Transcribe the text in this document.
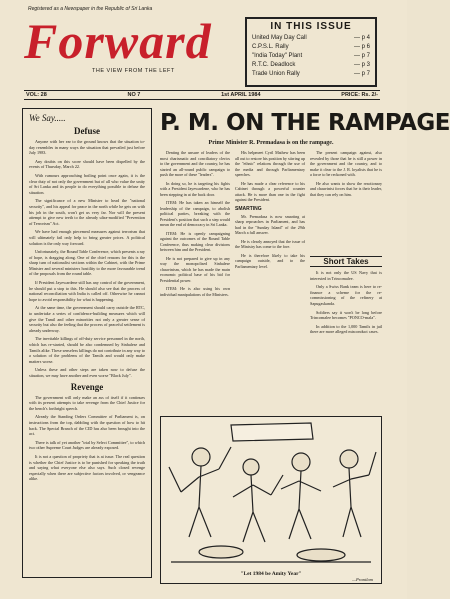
Registered as a Newspaper in the Republic of Sri Lanka
Forward
THE VIEW FROM THE LEFT
IN THIS ISSUE
United May Day Call	— p 4
C.P.S.L. Rally	— p 6
"India Today" Plant	— p 7
R.T.C. Deadlock	— p 3
Trade Union Rally	— p 7
VOL: 28	NO 7	1st APRIL 1984	PRICE: Rs. 2/-
We Say.....
Defuse

Anyone with her ear to the ground knows that the situation to-day resembles in many ways the situation that prevailed just before July 1983.

Any doubts on this score should have been dispelled by the events of Thursday, March 22.

With rumours approaching boiling point once again, it is the clear duty of not only the government but of all who value the unity of Sri Lanka and its people to do everything possible to defuse the situation.

The significance of a new Minister to head the "national security", and his appeal for peace in the north while he gets on with his job in the south, won't get us very far. Nor will the present attempt to give new teeth to the already ultra-modified "Prevention of Terrorism" Act.

We have had enough piecemeal measures against terrorism that will ultimately fail only help to bring greater prices. A political solution is the only way forward.

Unfortunately, the Round Table Conference, which presents a ray of hope, is dragging along. One of the chief reasons for this is the sharp turn of nationalist sections within the Cabinet, with the Prime Minister and several ministers hostility to the more favourable trend of the proposals from the round table.

If President Jayewardene still has any control of the government, he should put a stop to this. He should also see that the process of national reconciliation with India is called off. Otherwise he cannot hope to avoid responsibility for what is happening.

At the same time, the government should carry outside the RTC, to undertake a series of confidence-building measures which will give the Tamil and other minorities not only a greater sense of security but also the feeling that the process of peaceful settlement is already underway.

The inevitable killings of off-duty service personnel in the north, which has re-started, should be also condemned by Sinhalese and Tamils alike. These senseless killings do not contribute in any way to a solution of the problems of the Tamils and would only make matters worse.

Unless these and other steps are taken now to defuse the situation, we may have another and even worse "Black July".

Revenge

The government will only make an ass of itself if it continues with its present attempts to take revenge from the Chief Justice for the bench's forthright speech.

Already the Standing Orders Committee of Parliament is, on instructions from the top, dabbling with the question of how to hit back. The Special Branch of the CID has also been brought into the act.

There is talk of yet another "trial by Select Committee", to which two other Supreme Court Judges are already exposed.

It is not a question of propriety that is at issue. The real question is whether the Chief Justice is to be punished for speaking the truth and saying what everyone else also says. Such closed revenge especially when there are subjective factors involved, or vengeance alike.

P. M. ON THE RAMPAGE
Prime Minister R. Premadasa is on the rampage.

Denting the unsure of leaders of the most charismatic and conciliatory clerics to the government and the country, he has started an all-round public campaign to push the more of these "leaders".

In doing so, he is targeting his fights with a President Jayewardene, who he has been stepping in at the back door.

ITEM: He has taken an himself the leadership of the campaign, to abolish political parties, breaking with the President's position that such a step would mean the end of democracy in Sri Lanka.

ITEM: He is openly campaigning against the outcomes of the Round Table Conference, thus making clear divisions between him and the President.

He is not prepared to give up in any way the monopolised Sinhalese chauvinism, which he has made the main economic political base of his bid for Presidential power.

ITEM: He is also using his own individual manipulations of the Ministers.

His helpmeet Cyril Mathew has been all out to restore his position by stirring up the "ethnic" relations through the use of the media and through Parliamentary speeches.

He has made a clear reference to his Cabinet through a powerful counter attack. He is more than one in the fight against the President.

SMARTING

Mr. Premadasa is now smarting at sharp reproaches in Parliament, and has had in the "Sunday Island" of the 29th March a full answer.

He is clearly annoyed that the issue of the Ministry has come to the fore.

He is therefore likely to take his campaign outside, and to the Parliamentary level.

The present campaign against, also revealed by those that he is still a power in the government and the country, and to make it clear to the J. R. loyalists that he is a force to be reckoned with.

He also wants to show the reactionary and chauvinist forces that he is their leader, that they can rely on him.

Short Takes

It is not only the US Navy that is interested in Trincomalee.

Only a Swiss Bank team is here to re-finance a scheme for the re-commissioning of the refinery at Sapugaskanda.

Soldiers say it won't be long before Trincomalee becomes "PONCO-mala".

In addition to the 1,000 Tamils in jail there are more alleged misconduct cases.

"Let 1984 be Amity Year"
—Prantlam
